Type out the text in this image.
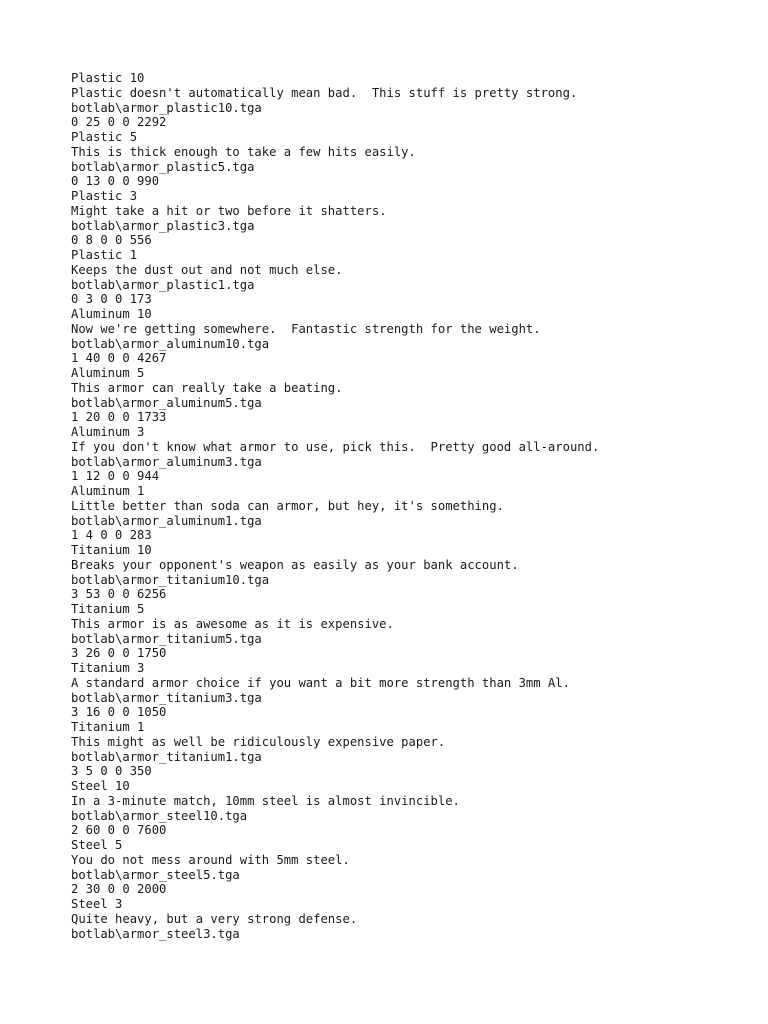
Plastic 10
Plastic doesn't automatically mean bad.  This stuff is pretty strong.
botlab\armor_plastic10.tga
0 25 0 0 2292
Plastic 5
This is thick enough to take a few hits easily.
botlab\armor_plastic5.tga
0 13 0 0 990
Plastic 3
Might take a hit or two before it shatters.
botlab\armor_plastic3.tga
0 8 0 0 556
Plastic 1
Keeps the dust out and not much else.
botlab\armor_plastic1.tga
0 3 0 0 173
Aluminum 10
Now we're getting somewhere.  Fantastic strength for the weight.
botlab\armor_aluminum10.tga
1 40 0 0 4267
Aluminum 5
This armor can really take a beating.
botlab\armor_aluminum5.tga
1 20 0 0 1733
Aluminum 3
If you don't know what armor to use, pick this.  Pretty good all-around.
botlab\armor_aluminum3.tga
1 12 0 0 944
Aluminum 1
Little better than soda can armor, but hey, it's something.
botlab\armor_aluminum1.tga
1 4 0 0 283
Titanium 10
Breaks your opponent's weapon as easily as your bank account.
botlab\armor_titanium10.tga
3 53 0 0 6256
Titanium 5
This armor is as awesome as it is expensive.
botlab\armor_titanium5.tga
3 26 0 0 1750
Titanium 3
A standard armor choice if you want a bit more strength than 3mm Al.
botlab\armor_titanium3.tga
3 16 0 0 1050
Titanium 1
This might as well be ridiculously expensive paper.
botlab\armor_titanium1.tga
3 5 0 0 350
Steel 10
In a 3-minute match, 10mm steel is almost invincible.
botlab\armor_steel10.tga
2 60 0 0 7600
Steel 5
You do not mess around with 5mm steel.
botlab\armor_steel5.tga
2 30 0 0 2000
Steel 3
Quite heavy, but a very strong defense.
botlab\armor_steel3.tga
